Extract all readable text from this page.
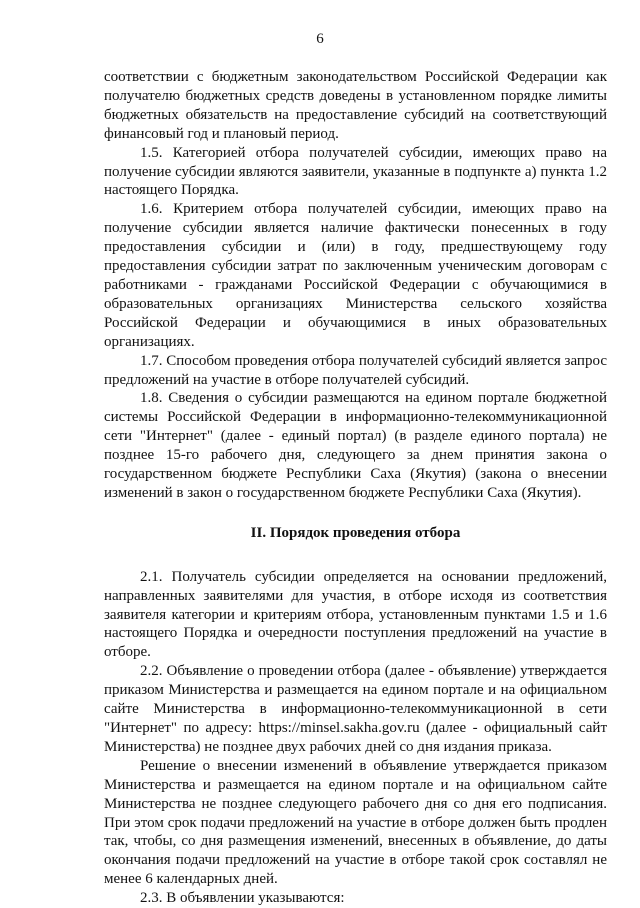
6

соответствии с бюджетным законодательством Российской Федерации как получателю бюджетных средств доведены в установленном порядке лимиты бюджетных обязательств на предоставление субсидий на соответствующий финансовый год и плановый период.

1.5. Категорией отбора получателей субсидии, имеющих право на получение субсидии являются заявители, указанные в подпункте а) пункта 1.2 настоящего Порядка.

1.6. Критерием отбора получателей субсидии, имеющих право на получение субсидии является наличие фактически понесенных в году предоставления субсидии и (или) в году, предшествующему году предоставления субсидии затрат по заключенным ученическим договорам с работниками - гражданами Российской Федерации с обучающимися в образовательных организациях Министерства сельского хозяйства Российской Федерации и обучающимися в иных образовательных организациях.

1.7. Способом проведения отбора получателей субсидий является запрос предложений на участие в отборе получателей субсидий.

1.8. Сведения о субсидии размещаются на едином портале бюджетной системы Российской Федерации в информационно-телекоммуникационной сети "Интернет" (далее - единый портал) (в разделе единого портала) не позднее 15-го рабочего дня, следующего за днем принятия закона о государственном бюджете Республики Саха (Якутия) (закона о внесении изменений в закон о государственном бюджете Республики Саха (Якутия).

II. Порядок проведения отбора

2.1. Получатель субсидии определяется на основании предложений, направленных заявителями для участия, в отборе исходя из соответствия заявителя категории и критериям отбора, установленным пунктами 1.5 и 1.6 настоящего Порядка и очередности поступления предложений на участие в отборе.

2.2. Объявление о проведении отбора (далее - объявление) утверждается приказом Министерства и размещается на едином портале и на официальном сайте Министерства в информационно-телекоммуникационной в сети "Интернет" по адресу: https://minsel.sakha.gov.ru (далее - официальный сайт Министерства) не позднее двух рабочих дней со дня издания приказа.

Решение о внесении изменений в объявление утверждается приказом Министерства и размещается на едином портале и на официальном сайте Министерства не позднее следующего рабочего дня со дня его подписания. При этом срок подачи предложений на участие в отборе должен быть продлен так, чтобы, со дня размещения изменений, внесенных в объявление, до даты окончания подачи предложений на участие в отборе такой срок составлял не менее 6 календарных дней.

2.3. В объявлении указываются:
